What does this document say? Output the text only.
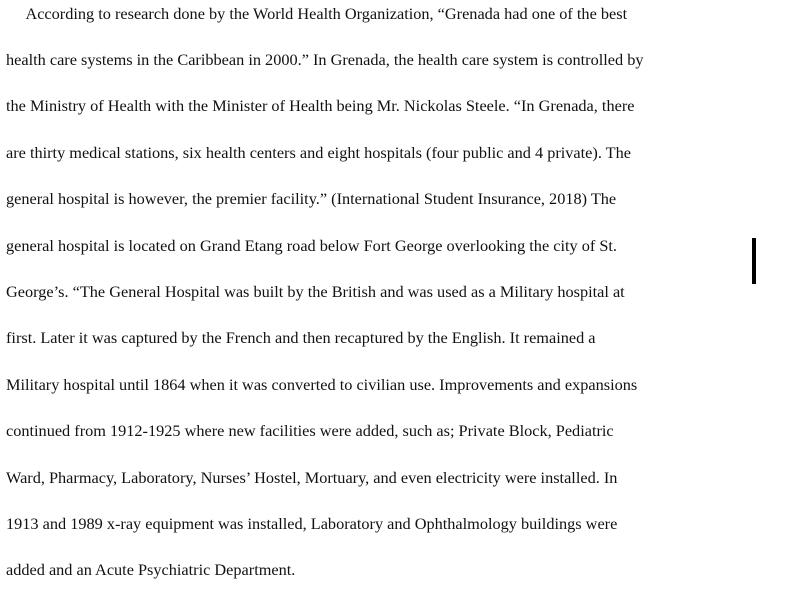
According to research done by the World Health Organization, “Grenada had one of the best

health care systems in the Caribbean in 2000.” In Grenada, the health care system is controlled by

the Ministry of Health with the Minister of Health being Mr. Nickolas Steele. “In Grenada, there

are thirty medical stations, six health centers and eight hospitals (four public and 4 private). The

general hospital is however, the premier facility.” (International Student Insurance, 2018) The

general hospital is located on Grand Etang road below Fort George overlooking the city of St.

George’s. “The General Hospital was built by the British and was used as a Military hospital at

first. Later it was captured by the French and then recaptured by the English. It remained a

Military hospital until 1864 when it was converted to civilian use. Improvements and expansions

continued from 1912-1925 where new facilities were added, such as; Private Block, Pediatric

Ward, Pharmacy, Laboratory, Nurses’ Hostel, Mortuary, and even electricity were installed. In

1913 and 1989 x-ray equipment was installed, Laboratory and Ophthalmology buildings were

added and an Acute Psychiatric Department.
